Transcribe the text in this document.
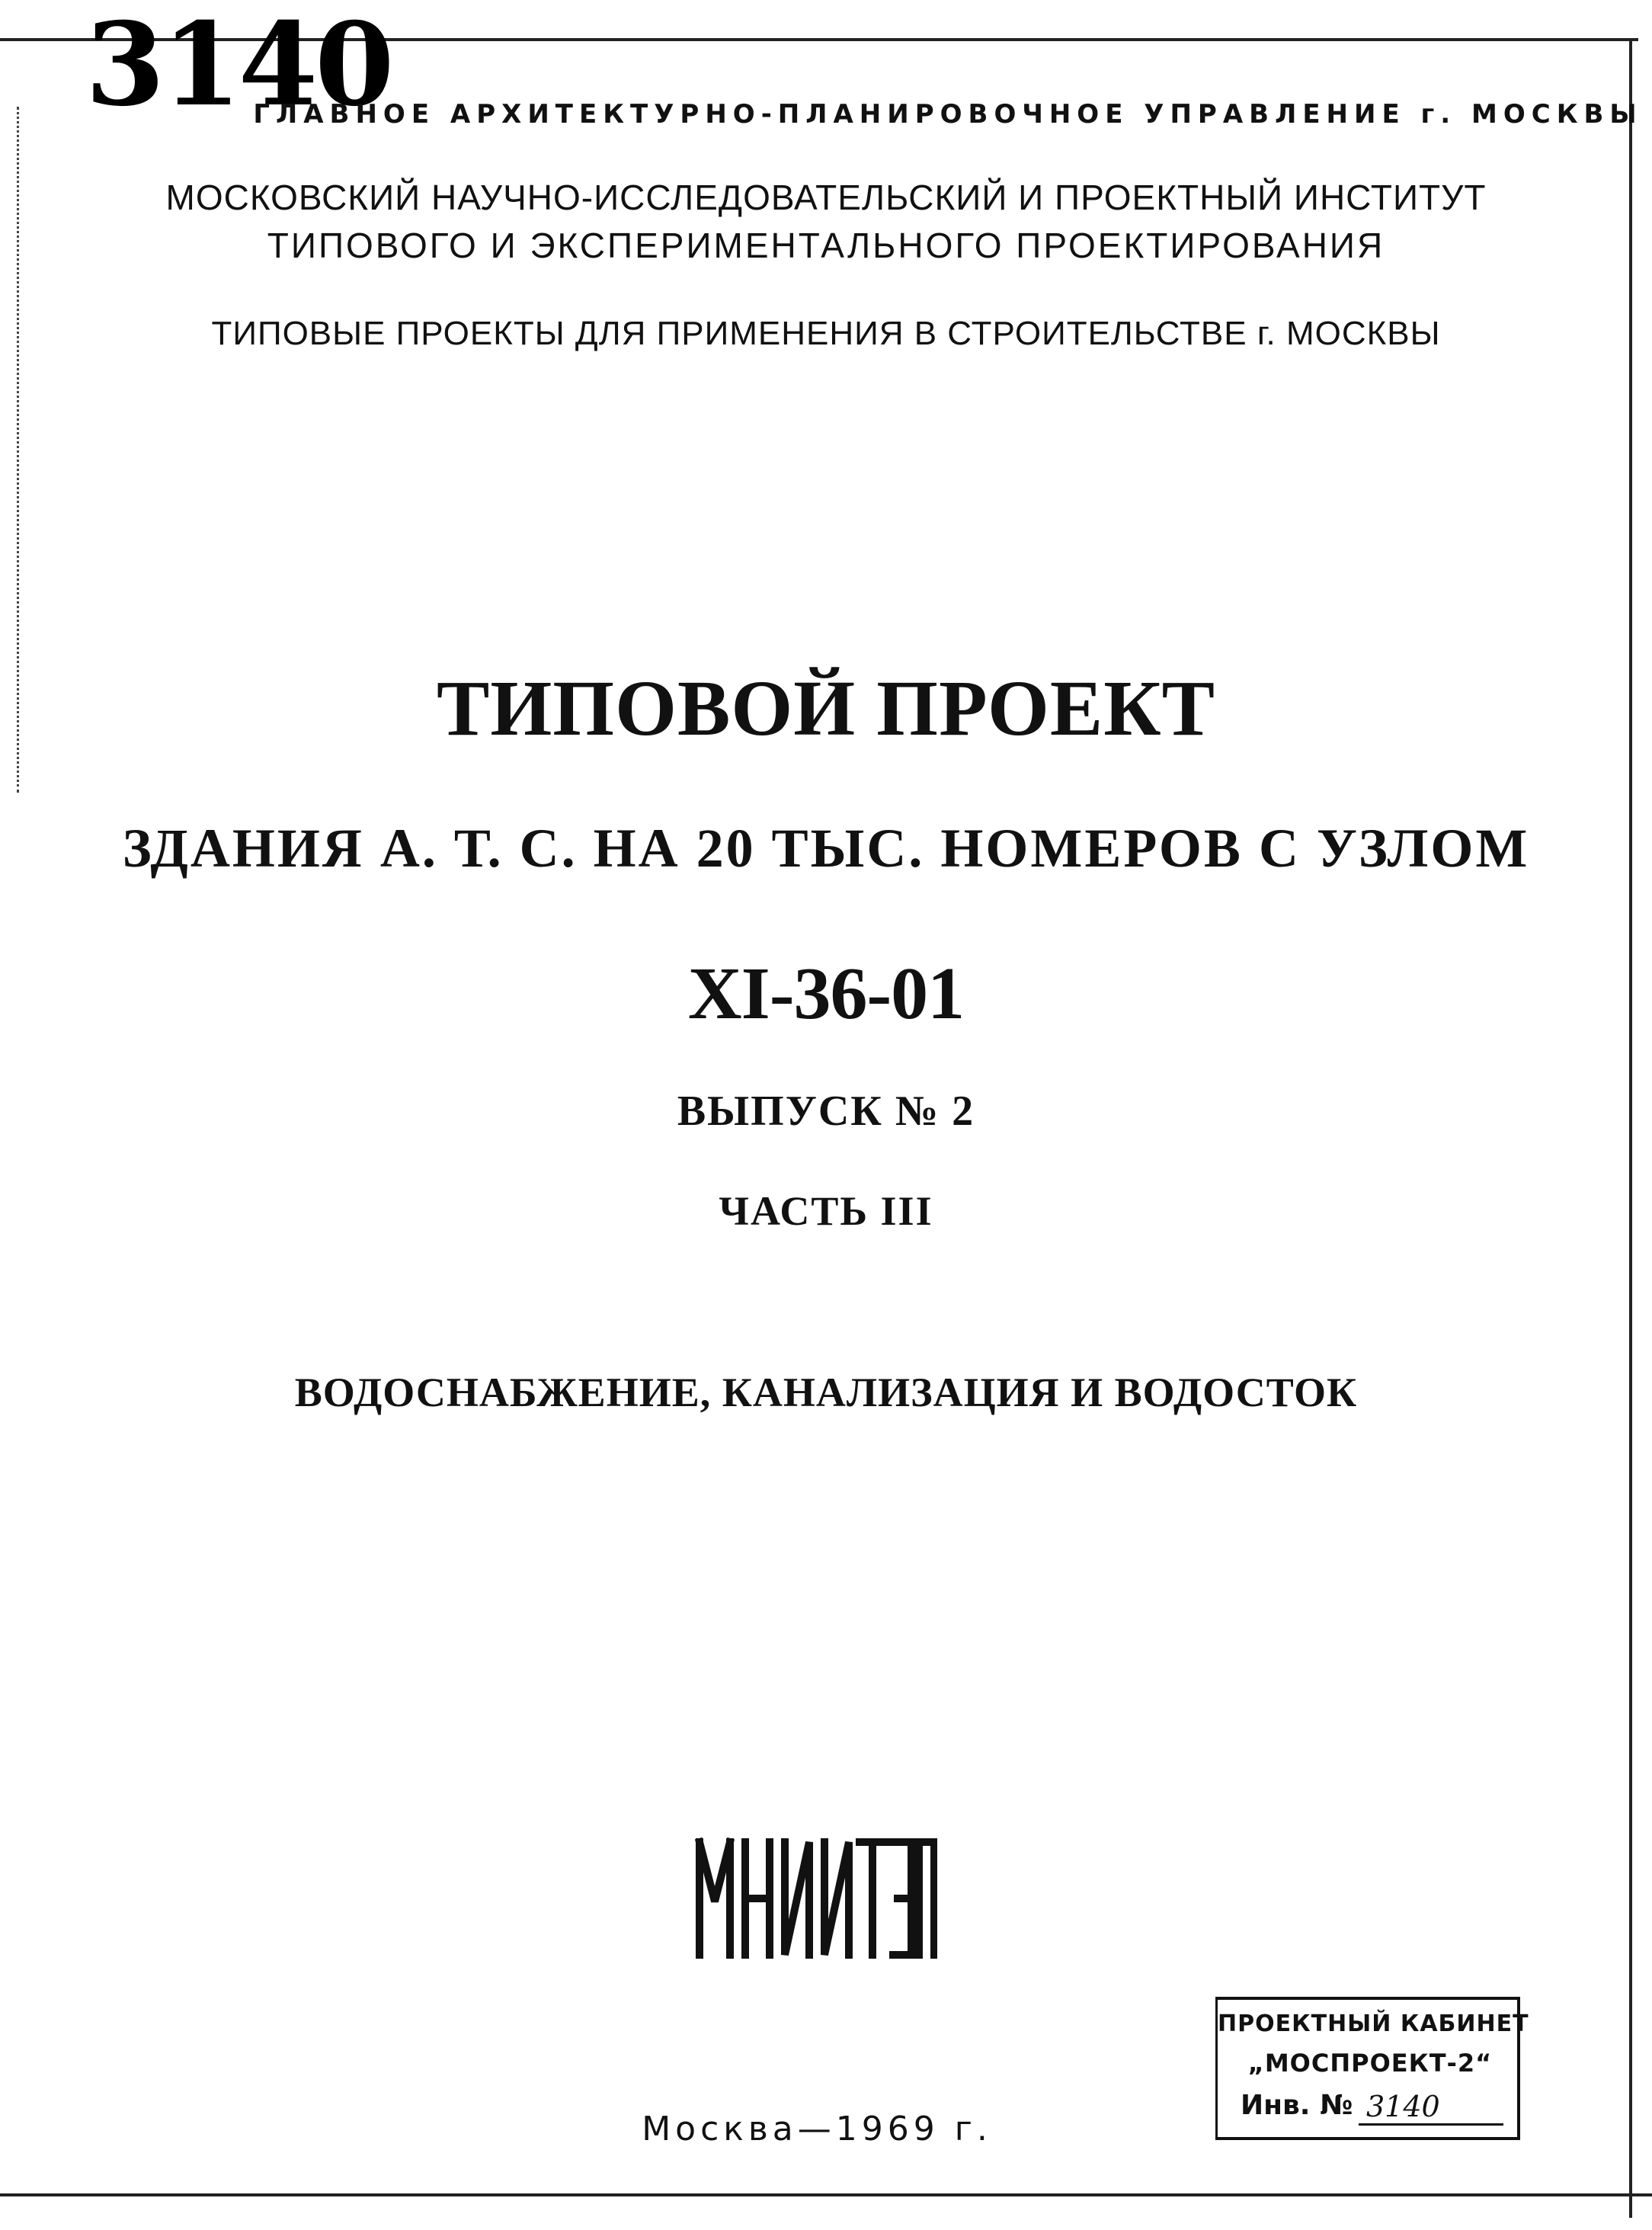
3140
ГЛАВНОЕ АРХИТЕКТУРНО-ПЛАНИРОВОЧНОЕ УПРАВЛЕНИЕ г. МОСКВЫ
МОСКОВСКИЙ НАУЧНО-ИССЛЕДОВАТЕЛЬСКИЙ И ПРОЕКТНЫЙ ИНСТИТУТ
ТИПОВОГО И ЭКСПЕРИМЕНТАЛЬНОГО ПРОЕКТИРОВАНИЯ
ТИПОВЫЕ ПРОЕКТЫ ДЛЯ ПРИМЕНЕНИЯ В СТРОИТЕЛЬСТВЕ г. МОСКВЫ
ТИПОВОЙ ПРОЕКТ
ЗДАНИЯ А. Т. С. НА 20 ТЫС. НОМЕРОВ С УЗЛОМ
XI-36-01
ВЫПУСК № 2
ЧАСТЬ III
ВОДОСНАБЖЕНИЕ, КАНАЛИЗАЦИЯ И ВОДОСТОК
Москва—1969 г.
ПРОЕКТНЫЙ КАБИНЕТ
„МОСПРОЕКТ-2“
Инв. № 3140
